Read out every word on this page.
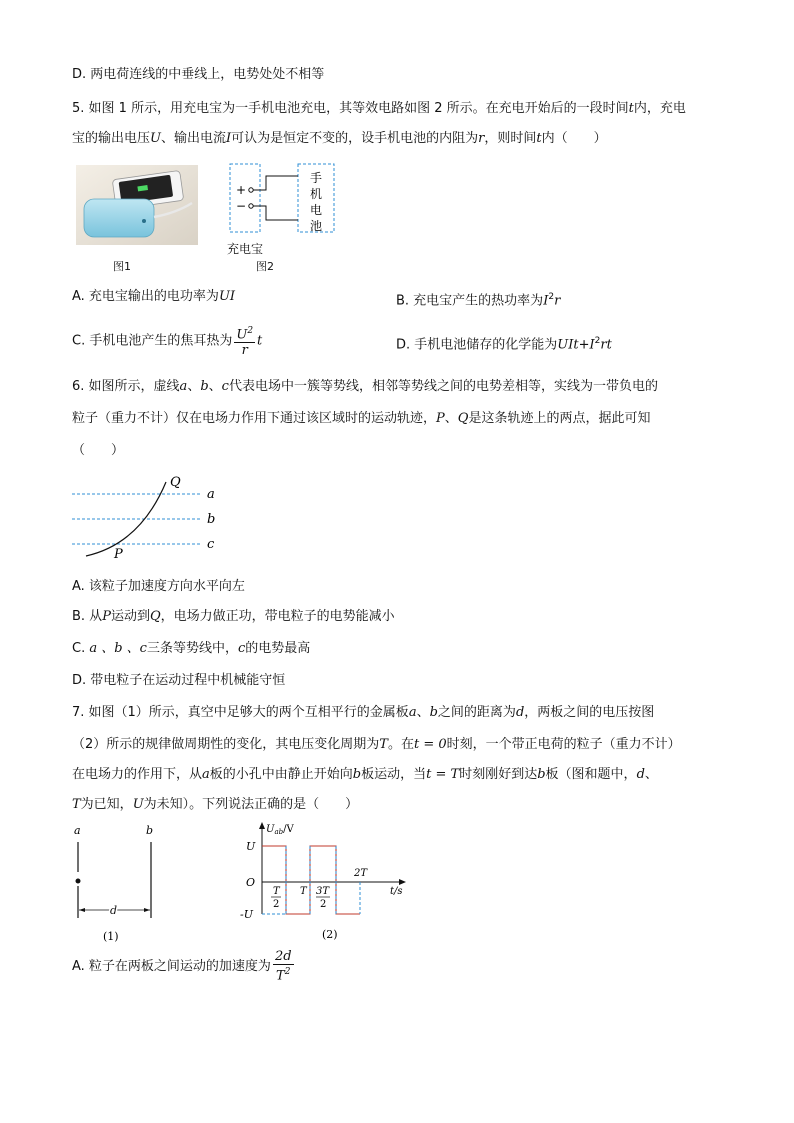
D. 两电荷连线的中垂线上，电势处处不相等
5. 如图 1 所示，用充电宝为一手机电池充电，其等效电路如图 2 所示。在充电开始后的一段时间t内，充电
宝的输出电压U、输出电流I可认为是恒定不变的，设手机电池的内阻为r，则时间t内（　　）
图1
+
−
手
机
电
池
充电宝
图2
A. 充电宝输出的电功率为UI	B. 充电宝产生的热功率为$I^2r$
C. 手机电池产生的焦耳热为 $\frac{U^2}{r}$ t	D. 手机电池储存的化学能为$UIt+I^2rt$
6. 如图所示，虚线a、b、c代表电场中一簇等势线，相邻等势线之间的电势差相等，实线为一带负电的
粒子（重力不计）仅在电场力作用下通过该区域时的运动轨迹，P、Q是这条轨迹上的两点，据此可知
（　　）
Q
P
a
b
c
A. 该粒子加速度方向水平向左
B. 从P运动到Q，电场力做正功，带电粒子的电势能减小
C. a 、b 、c三条等势线中，c的电势最高
D. 带电粒子在运动过程中机械能守恒
7. 如图（1）所示，真空中足够大的两个互相平行的金属板a、b之间的距离为d，两板之间的电压按图
（2）所示的规律做周期性的变化，其电压变化周期为T。在t = 0时刻，一个带正电荷的粒子（重力不计）
在电场力的作用下，从a板的小孔中由静止开始向b板运动，当t = T时刻刚好到达b板（图和题中，d、
T为已知，U为未知）。下列说法正确的是（　　）
a	b
d
(1)
$U_{ab}/V$
U
O
-U
T
2
T 3T
2
2T
t/s
(2)
A. 粒子在两板之间运动的加速度为 $\frac{2d}{T^2}$
